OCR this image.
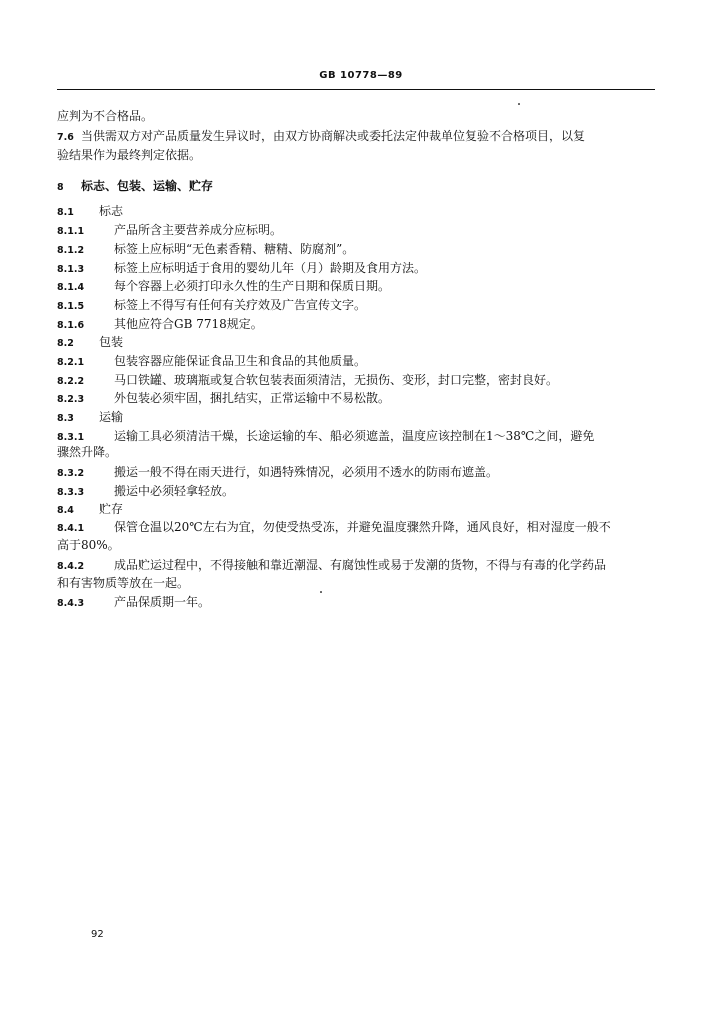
GB 10778—89
应判为不合格品。
7.6 当供需双方对产品质量发生异议时，由双方协商解决或委托法定仲裁单位复验不合格项目，以复
验结果作为最终判定依据。
8 标志、包装、运输、贮存
8.1 标志
8.1.1 产品所含主要营养成分应标明。
8.1.2 标签上应标明“无色素香精、糖精、防腐剂”。
8.1.3 标签上应标明适于食用的婴幼儿年（月）龄期及食用方法。
8.1.4 每个容器上必须打印永久性的生产日期和保质日期。
8.1.5 标签上不得写有任何有关疗效及广告宣传文字。
8.1.6 其他应符合GB 7718规定。
8.2 包装
8.2.1 包装容器应能保证食品卫生和食品的其他质量。
8.2.2 马口铁罐、玻璃瓶或复合软包装表面须清洁，无损伤、变形，封口完整，密封良好。
8.2.3 外包装必须牢固，捆扎结实，正常运输中不易松散。
8.3 运输
8.3.1 运输工具必须清洁干燥，长途运输的车、船必须遮盖，温度应该控制在1～38℃之间，避免
骤然升降。
8.3.2 搬运一般不得在雨天进行，如遇特殊情况，必须用不透水的防雨布遮盖。
8.3.3 搬运中必须轻拿轻放。
8.4 贮存
8.4.1 保管仓温以20℃左右为宜，勿使受热受冻，并避免温度骤然升降，通风良好，相对湿度一般不
高于80%。
8.4.2 成品贮运过程中，不得接触和靠近潮湿、有腐蚀性或易于发潮的货物，不得与有毒的化学药品
和有害物质等放在一起。
8.4.3 产品保质期一年。
92
